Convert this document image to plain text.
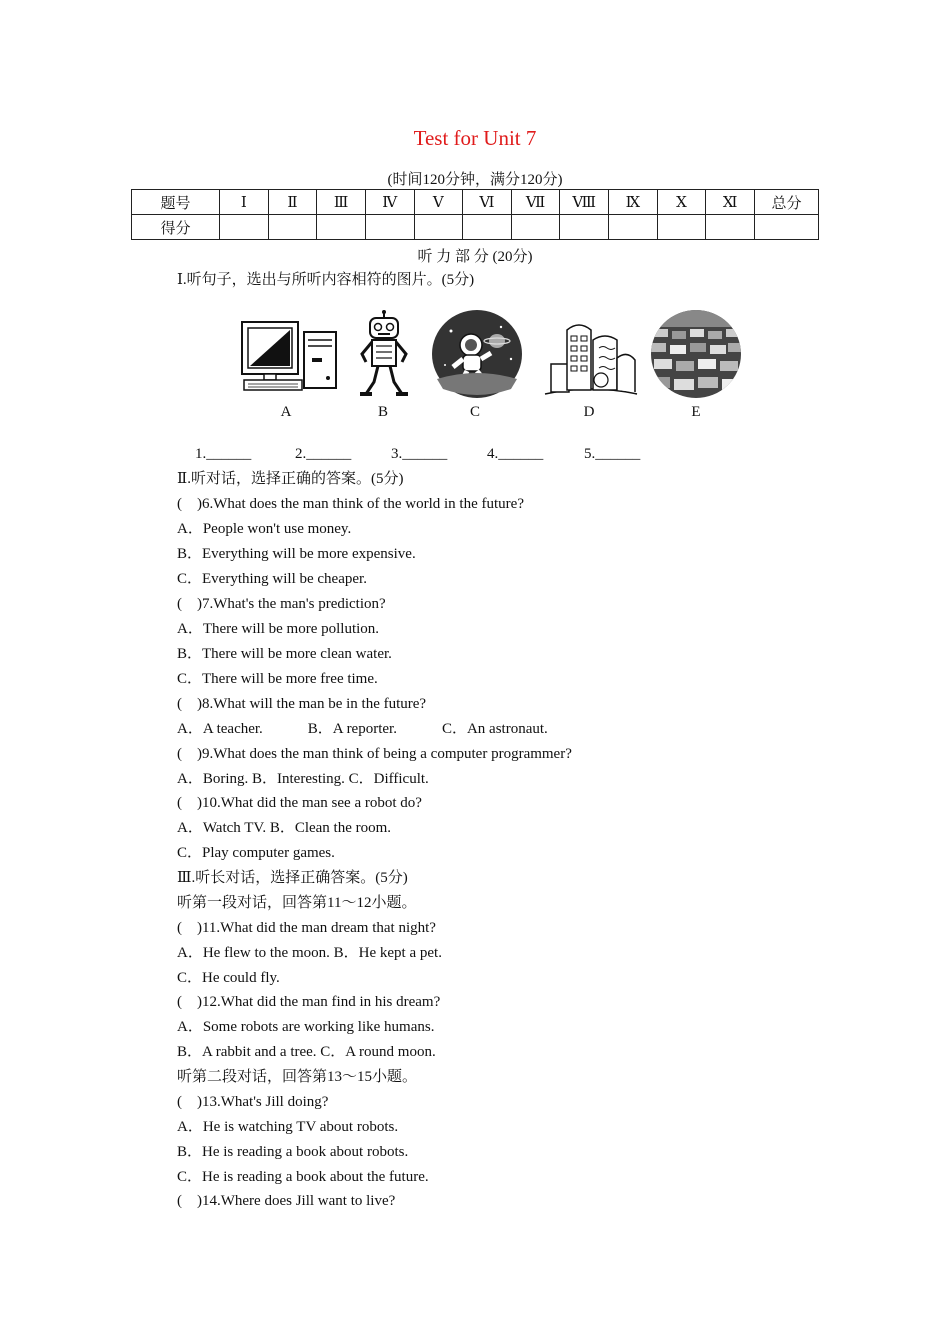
Test for Unit 7
(时间120分钟，满分120分)
题号	Ⅰ	Ⅱ	Ⅲ	Ⅳ	Ⅴ	Ⅵ	Ⅶ	Ⅷ	Ⅸ	Ⅹ	Ⅺ	总分
得分												
听 力 部 分 (20分)
Ⅰ.听句子，选出与所听内容相符的图片。(5分)
A	B	C	D	E
1.______	2.______	3.______	4.______	5.______
Ⅱ.听对话，选择正确的答案。(5分)
(　)6.What does the man think of the world in the future?
A．People won't use money.
B．Everything will be more expensive.
C．Everything will be cheaper.
(　)7.What's the man's prediction?
A．There will be more pollution.
B．There will be more clean water.
C．There will be more free time.
(　)8.What will the man be in the future?
A．A teacher.　　　B．A reporter.　　　C．An astronaut.
(　)9.What does the man think of being a computer programmer?
A．Boring. B．Interesting. C．Difficult.
(　)10.What did the man see a robot do?
A．Watch TV. B．Clean the room.
C．Play computer games.
Ⅲ.听长对话，选择正确答案。(5分)
听第一段对话，回答第11～12小题。
(　)11.What did the man dream that night?
A．He flew to the moon. B．He kept a pet.
C．He could fly.
(　)12.What did the man find in his dream?
A．Some robots are working like humans.
B．A rabbit and a tree. C．A round moon.
听第二段对话，回答第13～15小题。
(　)13.What's Jill doing?
A．He is watching TV about robots.
B．He is reading a book about robots.
C．He is reading a book about the future.
(　)14.Where does Jill want to live?
